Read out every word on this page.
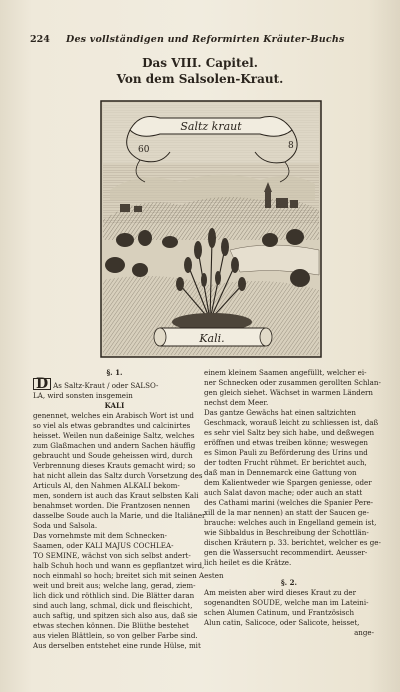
224 Des vollständigen und Reformirten Kräuter-Buchs
Das VIII. Capitel.
Von dem Salsolen-Kraut.
Saltz kraut
60	8
Kali.

§. 1.

D As Saltz-Kraut / oder SALSO-

LA, wird sonsten insgemein

KALI

genennet, welches ein Arabisch Wort ist und

so viel als etwas gebrandtes und calcinirtes

heisset. Weilen nun daßeinige Saltz, welches

zum Glaßmachen und andern Sachen häuffig

gebraucht und Soude geheissen wird, durch

Verbrennung dieses Krauts gemacht wird; so

hat nicht allein das Saltz durch Vorsetzung des

Articuls Al, den Nahmen ALKALI bekom-

men, sondern ist auch das Kraut selbsten Kali

benahmset worden. Die Frantzosen nennen

dasselbe Soude auch la Marie, und die Italiäner

Soda und Salsola.

Das vornehmste mit dem Schnecken-

Saamen, oder KALI MAJUS COCHLEA-

TO SEMINE, wächst von sich selbst andert-

halb Schuh hoch und wann es gepflantzet wird,

noch einmahl so hoch; breitet sich mit seinen Aesten

weit und breit aus; welche lang, gerad, ziem-

lich dick und röthlich sind. Die Blätter daran

sind auch lang, schmal, dick und fleischicht,

auch saftig, und spitzen sich also aus, daß sie

etwas stechen können. Die Blüthe bestehet

aus vielen Blättlein, so von gelber Farbe sind.

Aus derselben entstehet eine runde Hülse, mit

einem kleinem Saamen angefüllt, welcher ei-

ner Schnecken oder zusammen gerollten Schlan-

gen gleich siehet. Wächset in warmen Ländern

nechst dem Meer.

Das gantze Gewächs hat einen saltzichten

Geschmack, worauß leicht zu schliessen ist, daß

es sehr viel Saltz bey sich habe, und deßwegen

eröffnen und etwas treiben könne; weswegen

es Simon Pauli zu Beförderung des Urins und

der todten Frucht rühmet. Er berichtet auch,

daß man in Dennemarck eine Gattung von

dem Kalientweder wie Spargen geniesse, oder

auch Salat davon mache; oder auch an statt

des Cathami marini (welches die Spanier Pere-

xill de la mar nennen) an statt der Saucen ge-

brauche: welches auch in Engelland gemein ist,

wie Sibbaldus in Beschreibung der Schottlän-

dischen Kräutern p. 33. berichtet, welcher es ge-

gen die Wassersucht recommendirt. Aeusser-

lich heilet es die Krätze.

§. 2.

Am meisten aber wird dieses Kraut zu der

sogenandten SOUDE, welche man im Lateini-

schen Alumen Catinum, und Frantzösisch

Alun catin, Salicoce, oder Salicote, heisset,

ange-
